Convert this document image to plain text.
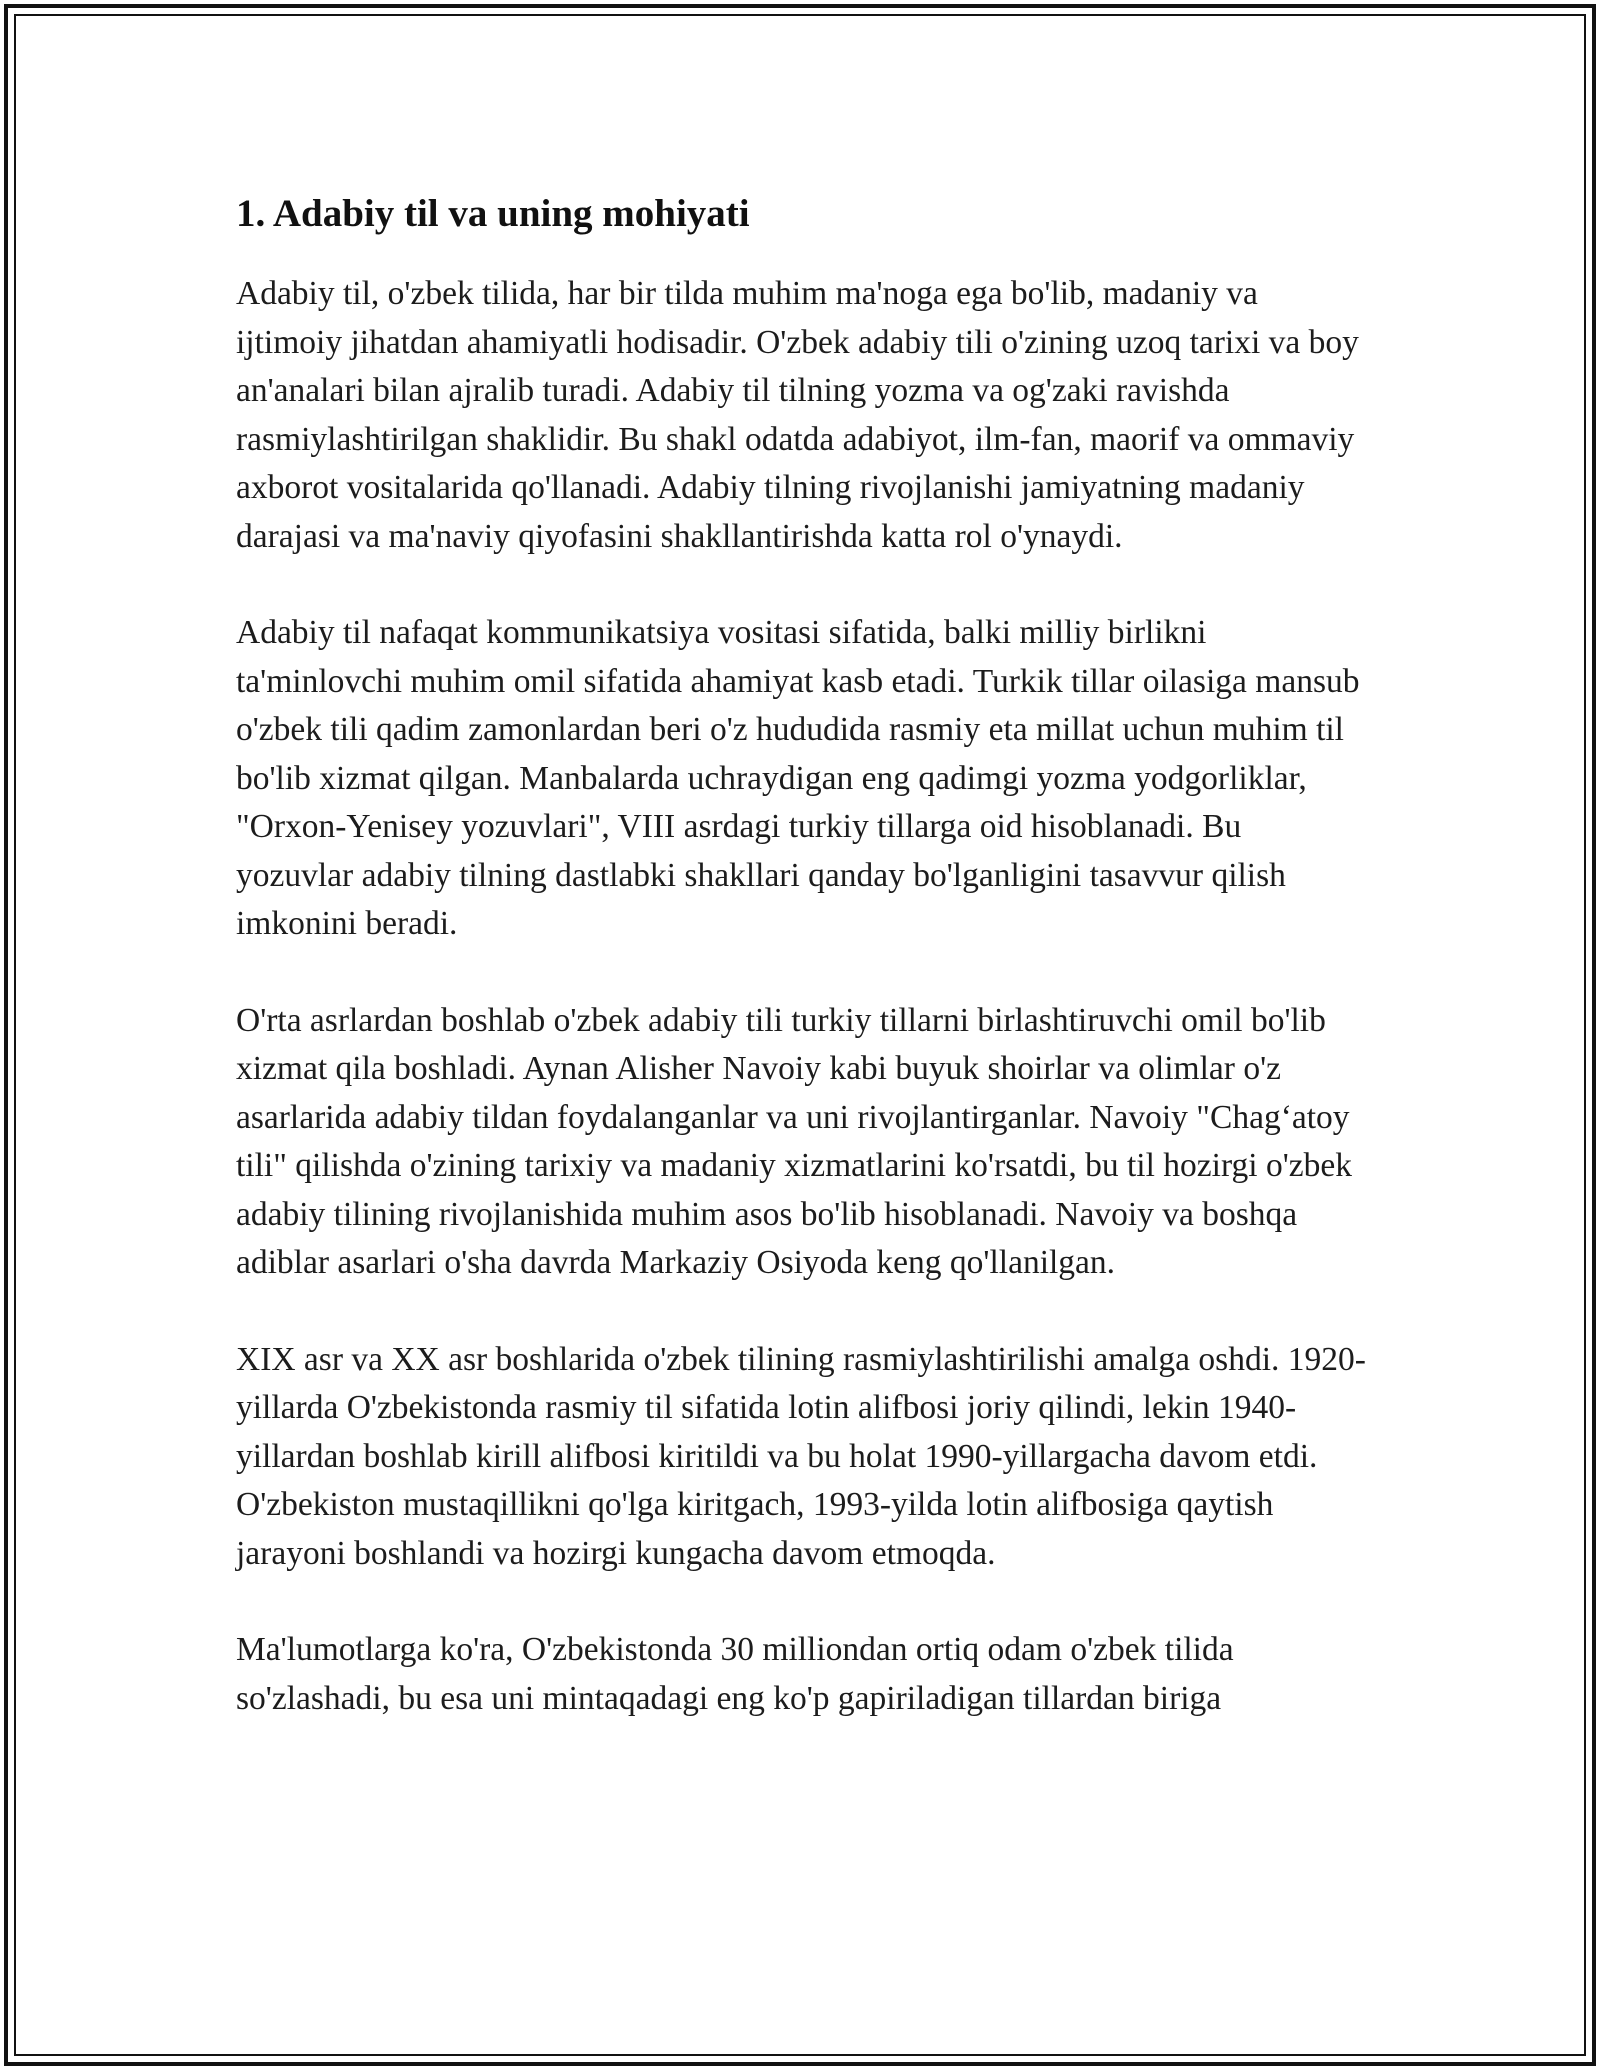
1. Adabiy til va uning mohiyati

Adabiy til, o'zbek tilida, har bir tilda muhim ma'noga ega bo'lib, madaniy va ijtimoiy jihatdan ahamiyatli hodisadir. O'zbek adabiy tili o'zining uzoq tarixi va boy an'analari bilan ajralib turadi. Adabiy til tilning yozma va og'zaki ravishda rasmiylashtirilgan shaklidir. Bu shakl odatda adabiyot, ilm-fan, maorif va ommaviy axborot vositalarida qo'llanadi. Adabiy tilning rivojlanishi jamiyatning madaniy darajasi va ma'naviy qiyofasini shakllantirishda katta rol o'ynaydi.

Adabiy til nafaqat kommunikatsiya vositasi sifatida, balki milliy birlikni ta'minlovchi muhim omil sifatida ahamiyat kasb etadi. Turkik tillar oilasiga mansub o'zbek tili qadim zamonlardan beri o'z hududida rasmiy eta millat uchun muhim til bo'lib xizmat qilgan. Manbalarda uchraydigan eng qadimgi yozma yodgorliklar, "Orxon-Yenisey yozuvlari", VIII asrdagi turkiy tillarga oid hisoblanadi. Bu yozuvlar adabiy tilning dastlabki shakllari qanday bo'lganligini tasavvur qilish imkonini beradi.

O'rta asrlardan boshlab o'zbek adabiy tili turkiy tillarni birlashtiruvchi omil bo'lib xizmat qila boshladi. Aynan Alisher Navoiy kabi buyuk shoirlar va olimlar o'z asarlarida adabiy tildan foydalanganlar va uni rivojlantirganlar. Navoiy "Chag‘atoy tili" qilishda o'zining tarixiy va madaniy xizmatlarini ko'rsatdi, bu til hozirgi o'zbek adabiy tilining rivojlanishida muhim asos bo'lib hisoblanadi. Navoiy va boshqa adiblar asarlari o'sha davrda Markaziy Osiyoda keng qo'llanilgan.

XIX asr va XX asr boshlarida o'zbek tilining rasmiylashtirilishi amalga oshdi. 1920-yillarda O'zbekistonda rasmiy til sifatida lotin alifbosi joriy qilindi, lekin 1940-yillardan boshlab kirill alifbosi kiritildi va bu holat 1990-yillargacha davom etdi. O'zbekiston mustaqillikni qo'lga kiritgach, 1993-yilda lotin alifbosiga qaytish jarayoni boshlandi va hozirgi kungacha davom etmoqda.

Ma'lumotlarga ko'ra, O'zbekistonda 30 milliondan ortiq odam o'zbek tilida so'zlashadi, bu esa uni mintaqadagi eng ko'p gapiriladigan tillardan biriga
